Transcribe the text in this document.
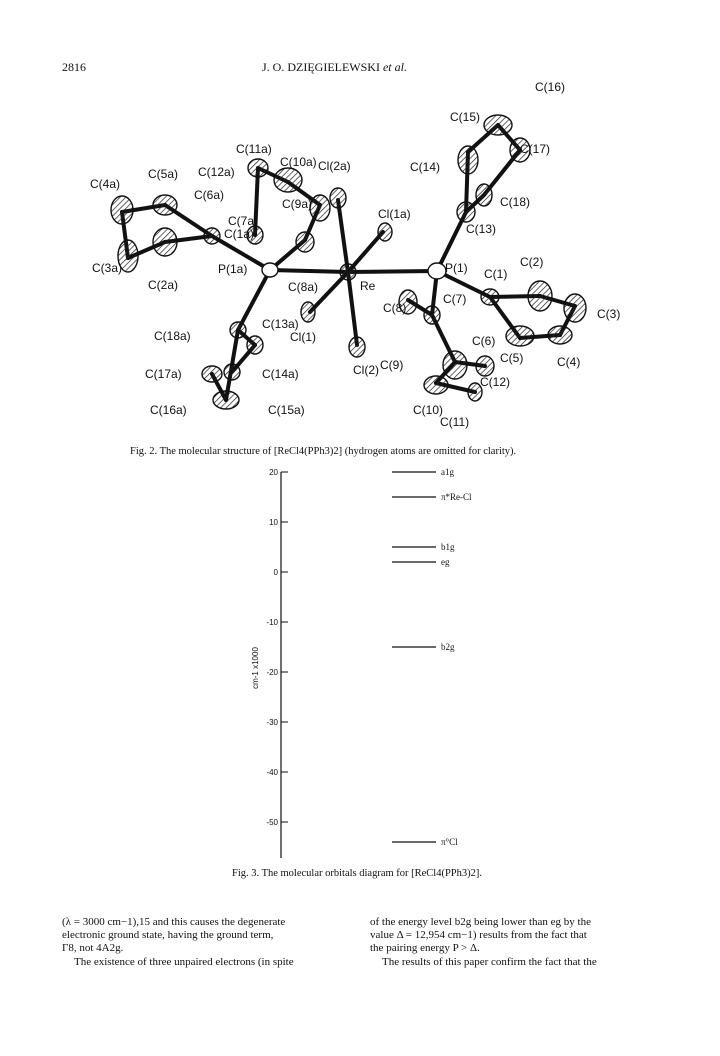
2816	J. O. DZIĘGIELEWSKI et al.
C(16)
C(15)
C(17)
C(14)
C(18)
C(13)
C(2)
C(1)
P(1)
C(3)
C(7)
C(8)
C(6)
C(5)	C(4)
C(12)
C(9)
C(10)
C(11)
Re
Cl(1a)
Cl(2a)
C(10a)
C(11a)
C(12a)
C(5a)
C(4a)
C(6a)
C(9a)
C(7a)
C(1a)
C(3a)
C(2a)
P(1a)
C(8a)
C(13a)
Cl(1)
C(18a)
C(17a)	C(14a)	Cl(2)
C(16a)	C(15a)
Fig. 2. The molecular structure of [ReCl4(PPh3)2] (hydrogen atoms are omitted for clarity).
20
10
0
-10
-20
-30
-40
-50
cm-1 x1000
a1g
π*Re-Cl
b1g
eg
b2g
π°Cl
Fig. 3. The molecular orbitals diagram for [ReCl4(PPh3)2].
(λ = 3000 cm−1),15 and this causes the degenerate
electronic ground state, having the ground term,
Γ8, not 4A2g.
The existence of three unpaired electrons (in spite
of the energy level b2g being lower than eg by the
value Δ = 12,954 cm−1) results from the fact that
the pairing energy P > Δ.
The results of this paper confirm the fact that the
